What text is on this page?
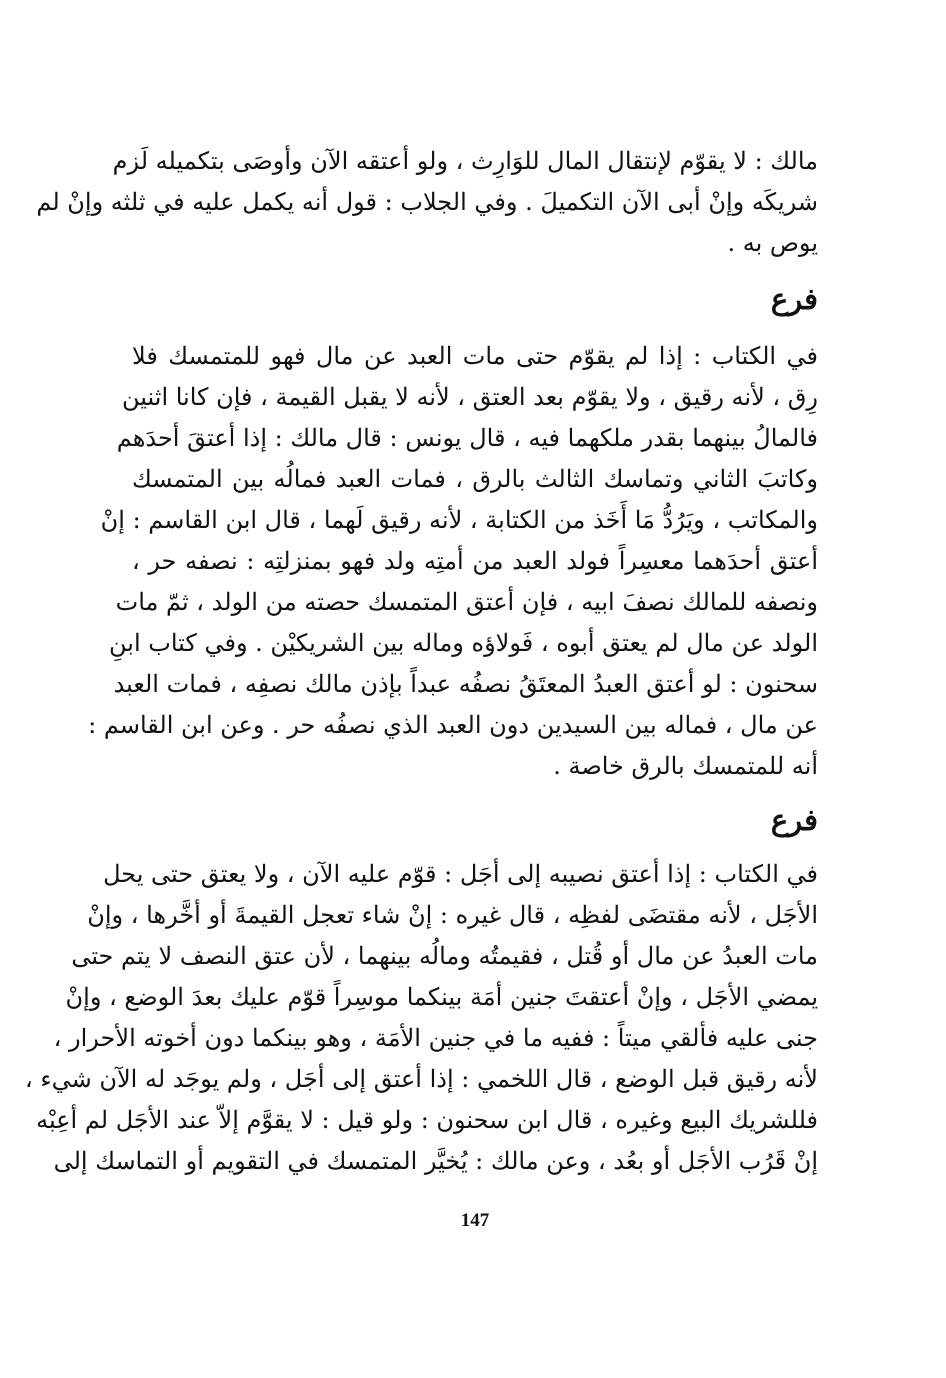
مالك : لا يقوّم لإنتقال المال للوَارِث ، ولو أعتقه الآن وأوصَى بتكميله لَزم
شريكَه وإنْ أبى الآن التكميلَ . وفي الجلاب : قول أنه يكمل عليه في ثلثه وإنْ لم
يوص به .
فرع
في الكتاب : إذا لم يقوّم حتى مات العبد عن مال فهو للمتمسك فلا
رِق ، لأنه رقيق ، ولا يقوّم بعد العتق ، لأنه لا يقبل القيمة ، فإن كانا اثنين
فالمالُ بينهما بقدر ملكهما فيه ، قال يونس : قال مالك : إذا أعتقَ أحدَهم
وكاتبَ الثاني وتماسك الثالث بالرق ، فمات العبد فمالُه بين المتمسك
والمكاتب ، ويَرُدُّ مَا أَخَذ من الكتابة ، لأنه رقيق لَهما ، قال ابن القاسم : إنْ
أعتق أحدَهما معسِراً فولد العبد من أمتِه ولد فهو بمنزلتِه : نصفه حر ،
ونصفه للمالك نصفَ ابيه ، فإن أعتق المتمسك حصته من الولد ، ثمّ مات
الولد عن مال لم يعتق أبوه ، فَولاؤه وماله بين الشريكيْن . وفي كتاب ابنِ
سحنون : لو أعتق العبدُ المعتَقُ نصفُه عبداً بإذن مالك نصفِه ، فمات العبد
عن مال ، فماله بين السيدين دون العبد الذي نصفُه حر . وعن ابن القاسم :
أنه للمتمسك بالرق خاصة .
فرع
في الكتاب : إذا أعتق نصيبه إلى أجَل : قوّم عليه الآن ، ولا يعتق حتى يحل
الأجَل ، لأنه مقتضَى لفظِه ، قال غيره : إنْ شاء تعجل القيمةَ أو أخَّرها ، وإنْ
مات العبدُ عن مال أو قُتل ، فقيمتُه ومالُه بينهما ، لأن عتق النصف لا يتم حتى
يمضي الأجَل ، وإنْ أعتقتَ جنين أمَة بينكما موسِراً قوّم عليك بعدَ الوضع ، وإنْ
جنى عليه فألقي ميتاً : ففيه ما في جنين الأمَة ، وهو بينكما دون أخوته الأحرار ،
لأنه رقيق قبل الوضع ، قال اللخمي : إذا أعتق إلى أجَل ، ولم يوجَد له الآن شيء ،
فللشريك البيع وغيره ، قال ابن سحنون : ولو قيل : لا يقوَّم إلاّ عند الأجَل لم أعِبْه
إنْ قَرُب الأجَل أو بعُد ، وعن مالك : يُخيَّر المتمسك في التقويم أو التماسك إلى
147
